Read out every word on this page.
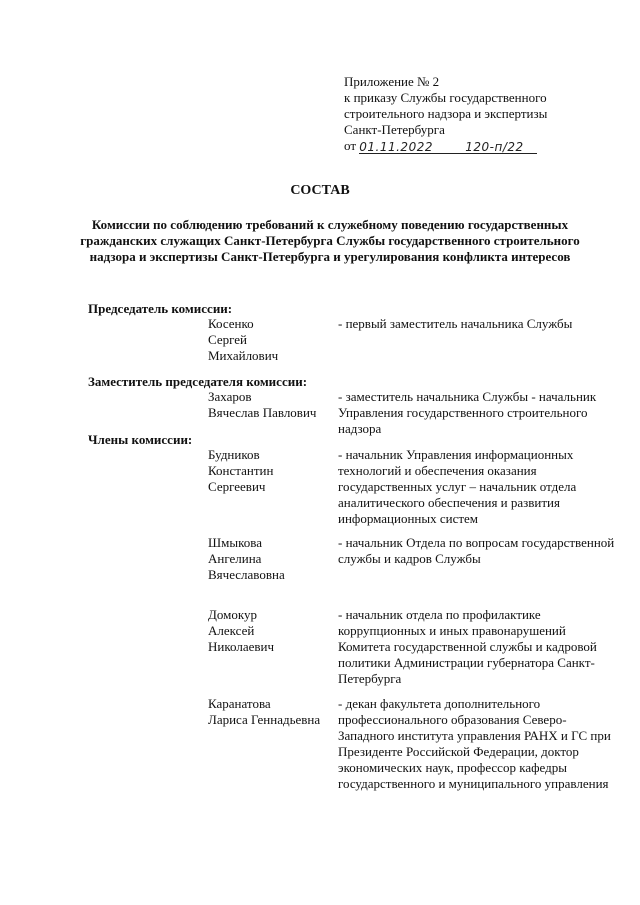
Приложение № 2
к приказу Службы государственного
строительного надзора и экспертизы
Санкт-Петербурга
от 01.11.2022	120-п/22
СОСТАВ
Комиссии по соблюдению требований к служебному поведению государственных гражданских служащих Санкт-Петербурга Службы государственного строительного надзора и экспертизы Санкт-Петербурга и урегулирования конфликта интересов
Председатель комиссии:
Косенко
Сергей
Михайлович
- первый заместитель начальника Службы
Заместитель председателя комиссии:
Захаров
Вячеслав Павлович
- заместитель начальника Службы - начальник Управления государственного строительного надзора
Члены комиссии:
Будников
Константин
Сергеевич
- начальник Управления информационных технологий и обеспечения оказания государственных услуг – начальник отдела аналитического обеспечения и развития информационных систем
Шмыкова
Ангелина
Вячеславовна
- начальник Отдела по вопросам государственной службы и кадров Службы
Домокур
Алексей
Николаевич
- начальник отдела по профилактике коррупционных и иных правонарушений Комитета государственной службы и кадровой политики Администрации губернатора Санкт-Петербурга
Каранатова
Лариса Геннадьевна
- декан факультета дополнительного профессионального образования Северо-Западного института управления РАНХ и ГС при Президенте Российской Федерации, доктор экономических наук, профессор кафедры государственного и муниципального управления
